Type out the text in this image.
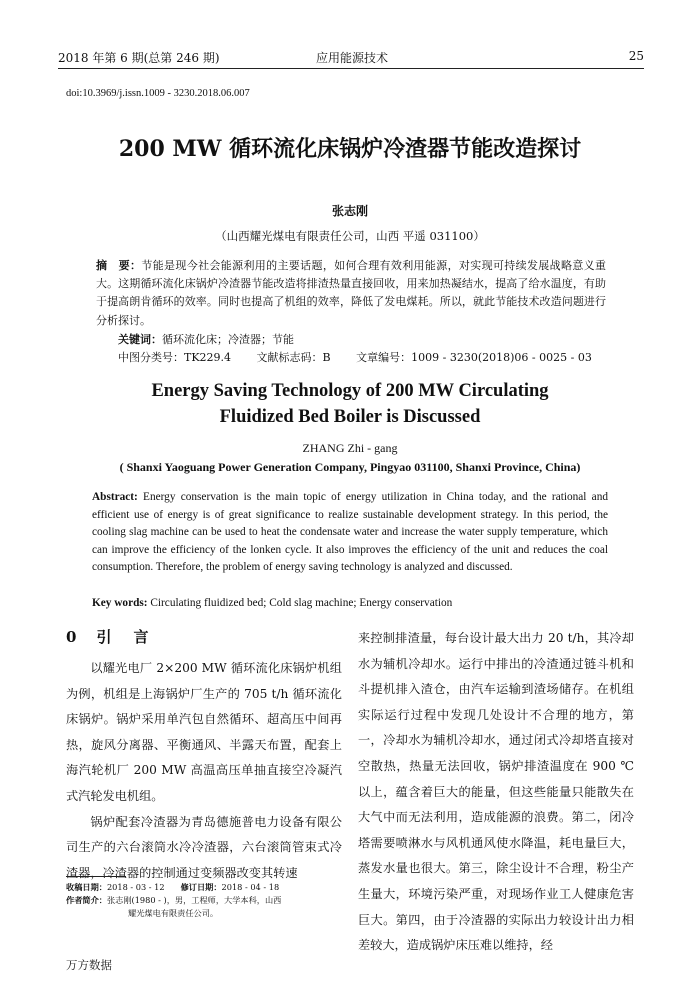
2018 年第 6 期(总第 246 期)	应用能源技术	25
doi:10.3969/j.issn.1009 - 3230.2018.06.007
200 MW 循环流化床锅炉冷渣器节能改造探讨
张志刚
（山西耀光煤电有限责任公司，山西 平遥 031100）
摘　要：节能是现今社会能源利用的主要话题，如何合理有效利用能源，对实现可持续发展战略意义重大。这期循环流化床锅炉冷渣器节能改造将排渣热量直接回收，用来加热凝结水，提高了给水温度，有助于提高朗肯循环的效率。同时也提高了机组的效率，降低了发电煤耗。所以，就此节能技术改造问题进行分析探讨。
关键词：循环流化床；冷渣器；节能
中图分类号：TK229.4 文献标志码：B 文章编号：1009 - 3230(2018)06 - 0025 - 03
Energy Saving Technology of 200 MW Circulating
Fluidized Bed Boiler is Discussed
ZHANG Zhi - gang
( Shanxi Yaoguang Power Generation Company, Pingyao 031100, Shanxi Province, China)
Abstract: Energy conservation is the main topic of energy utilization in China today, and the rational and efficient use of energy is of great significance to realize sustainable development strategy. In this period, the cooling slag machine can be used to heat the condensate water and increase the water supply temperature, which can improve the efficiency of the lonken cycle. It also improves the efficiency of the unit and reduces the coal consumption. Therefore, the problem of energy saving technology is analyzed and discussed.
Key words: Circulating fluidized bed; Cold slag machine; Energy conservation
0 引 言

以耀光电厂 2×200 MW 循环流化床锅炉机组为例，机组是上海锅炉厂生产的 705 t/h 循环流化床锅炉。锅炉采用单汽包自然循环、超高压中间再热，旋风分离器、平衡通风、半露天布置，配套上海汽轮机厂 200 MW 高温高压单抽直接空冷凝汽式汽轮发电机组。

锅炉配套冷渣器为青岛德施普电力设备有限公司生产的六台滚筒水冷冷渣器，六台滚筒管束式冷渣器，冷渣器的控制通过变频器改变其转速

来控制排渣量，每台设计最大出力 20 t/h，其冷却水为辅机冷却水。运行中排出的冷渣通过链斗机和斗提机排入渣仓，由汽车运输到渣场储存。在机组实际运行过程中发现几处设计不合理的地方，第一，冷却水为辅机冷却水，通过闭式冷却塔直接对空散热，热量无法回收，锅炉排渣温度在 900 ℃以上，蕴含着巨大的能量，但这些能量只能散失在大气中而无法利用，造成能源的浪费。第二，闭冷塔需要喷淋水与风机通风使水降温，耗电量巨大，蒸发水量也很大。第三，除尘设计不合理，粉尘产生量大，环境污染严重，对现场作业工人健康危害巨大。第四，由于冷渣器的实际出力较设计出力相差较大，造成锅炉床压难以维持，经

收稿日期：2018 - 03 - 12 修订日期：2018 - 04 - 18
作者简介：张志刚(1980 - )，男，工程师，大学本科，山西
耀光煤电有限责任公司。
万方数据
